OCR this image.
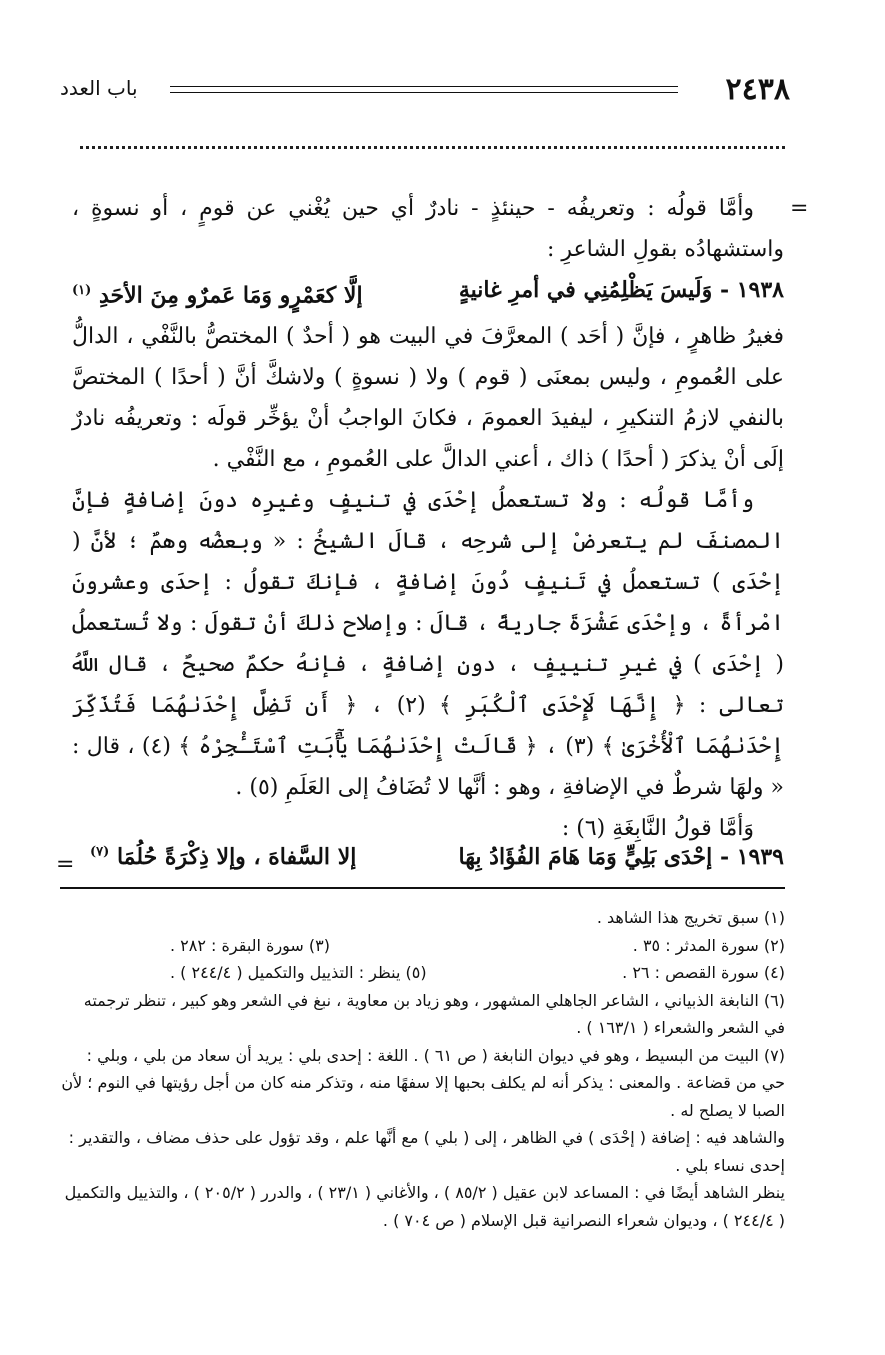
٢٤٣٨
باب العدد
=

وأمَّا قولُه : وتعريفُه - حينئذٍ - نادرٌ أي حين يُغْني عن قومٍ ، أو نسوةٍ ، واستشهادُه بقولِ الشاعرِ :

١٩٣٨ - وَلَيسَ يَظْلِمُنِي في أمرِ غانيةٍ
إلَّا كعَمْرٍو وَمَا عَمرٌو مِنَ الأحَدِ $^{(١)}$

فغيرُ ظاهرٍ ، فإنَّ ( أحَد ) المعرَّفَ في البيت هو ( أحدٌ ) المختصُّ بالنَّفْي ، الدالُّ على العُمومِ ، وليس بمعنَى ( قوم ) ولا ( نسوةٍ ) ولاشكَّ أنَّ ( أحدًا ) المختصَّ بالنفي لازمُ التنكيرِ ، ليفيدَ العمومَ ، فكانَ الواجبُ أنْ يؤخِّر قولَه : وتعريفُه نادرٌ إلَى أنْ يذكرَ ( أحدًا ) ذاك ، أعني الدالَّ على العُمومِ ، مع النَّفْي .

وأمَّا قولُه : ولا تستعملُ إحْدَى في تنيفٍ وغيرِه دونَ إضافةٍ فإنَّ المصنفَ لم يتعرضْ إلى شرحِه ، قالَ الشيخُ : « وبعضُه وهمٌ ؛ لأنَّ ( إحْدَى ) تستعملُ في تَنيفٍ دُونَ إضافةٍ ، فإنكَ تقولُ : إحدَى وعشرونَ امْرأةً ، وإحْدَى عَشْرَةَ جاريةً ، قالَ : وإصلاح ذلكَ أنْ تقولَ : ولا تُستعملُ ( إحْدَى ) في غيرِ تنييفٍ ، دون إضافةٍ ، فإنهُ حكمٌ صحيحٌ ، قال اللَّهُ تعالى : ﴿ إِنَّهَا لَإِحْدَى ٱلْكُبَرِ ﴾ (٢) ، ﴿ أَن تَضِلَّ إِحْدَىٰهُمَا فَتُذَكِّرَ إِحْدَىٰهُمَا ٱلْأُخْرَىٰ ﴾ (٣) ، ﴿ قَالَتْ إِحْدَىٰهُمَا يَٰٓأَبَتِ ٱسْتَـْٔجِرْهُ ﴾ (٤) ، قال : « ولهَا شرطٌ في الإضافةِ ، وهو : أنَّها لا تُضَافُ إلى العَلَمِ (٥) .

وَأمَّا قولُ النَّابِغَةِ (٦) :

١٩٣٩ - إحْدَى بَلِيٍّ وَمَا هَامَ الفُؤَادُ بِهَا
إلا السَّفاهَ ، وإلا ذِكْرَةً حُلُمَا $^{(٧)}$
=

(١) سبق تخريج هذا الشاهد .

(٢) سورة المدثر : ٣٥ .
(٣) سورة البقرة : ٢٨٢ .
(٤) سورة القصص : ٢٦ .
(٥) ينظر : التذييل والتكميل ( ٢٤٤/٤ ) .

(٦) النابغة الذبياني ، الشاعر الجاهلي المشهور ، وهو زياد بن معاوية ، نبغ في الشعر وهو كبير ، تنظر ترجمته في الشعر والشعراء ( ١٦٣/١ ) .

(٧) البيت من البسيط ، وهو في ديوان النابغة ( ص ٦١ ) . اللغة : إحدى بلي : يريد أن سعاد من بلي ، وبلي : حي من قضاعة . والمعنى : يذكر أنه لم يكلف بحبها إلا سفهًا منه ، وتذكر منه كان من أجل رؤيتها في النوم ؛ لأن الصبا لا يصلح له .

والشاهد فيه : إضافة ( إحْدَى ) في الظاهر ، إلى ( بلي ) مع أنَّها علم ، وقد تؤول على حذف مضاف ، والتقدير : إحدى نساء بلي .

ينظر الشاهد أيضًا في : المساعد لابن عقيل ( ٨٥/٢ ) ، والأغاني ( ٢٣/١ ) ، والدرر ( ٢٠٥/٢ ) ، والتذييل والتكميل ( ٢٤٤/٤ ) ، وديوان شعراء النصرانية قبل الإسلام ( ص ٧٠٤ ) .
